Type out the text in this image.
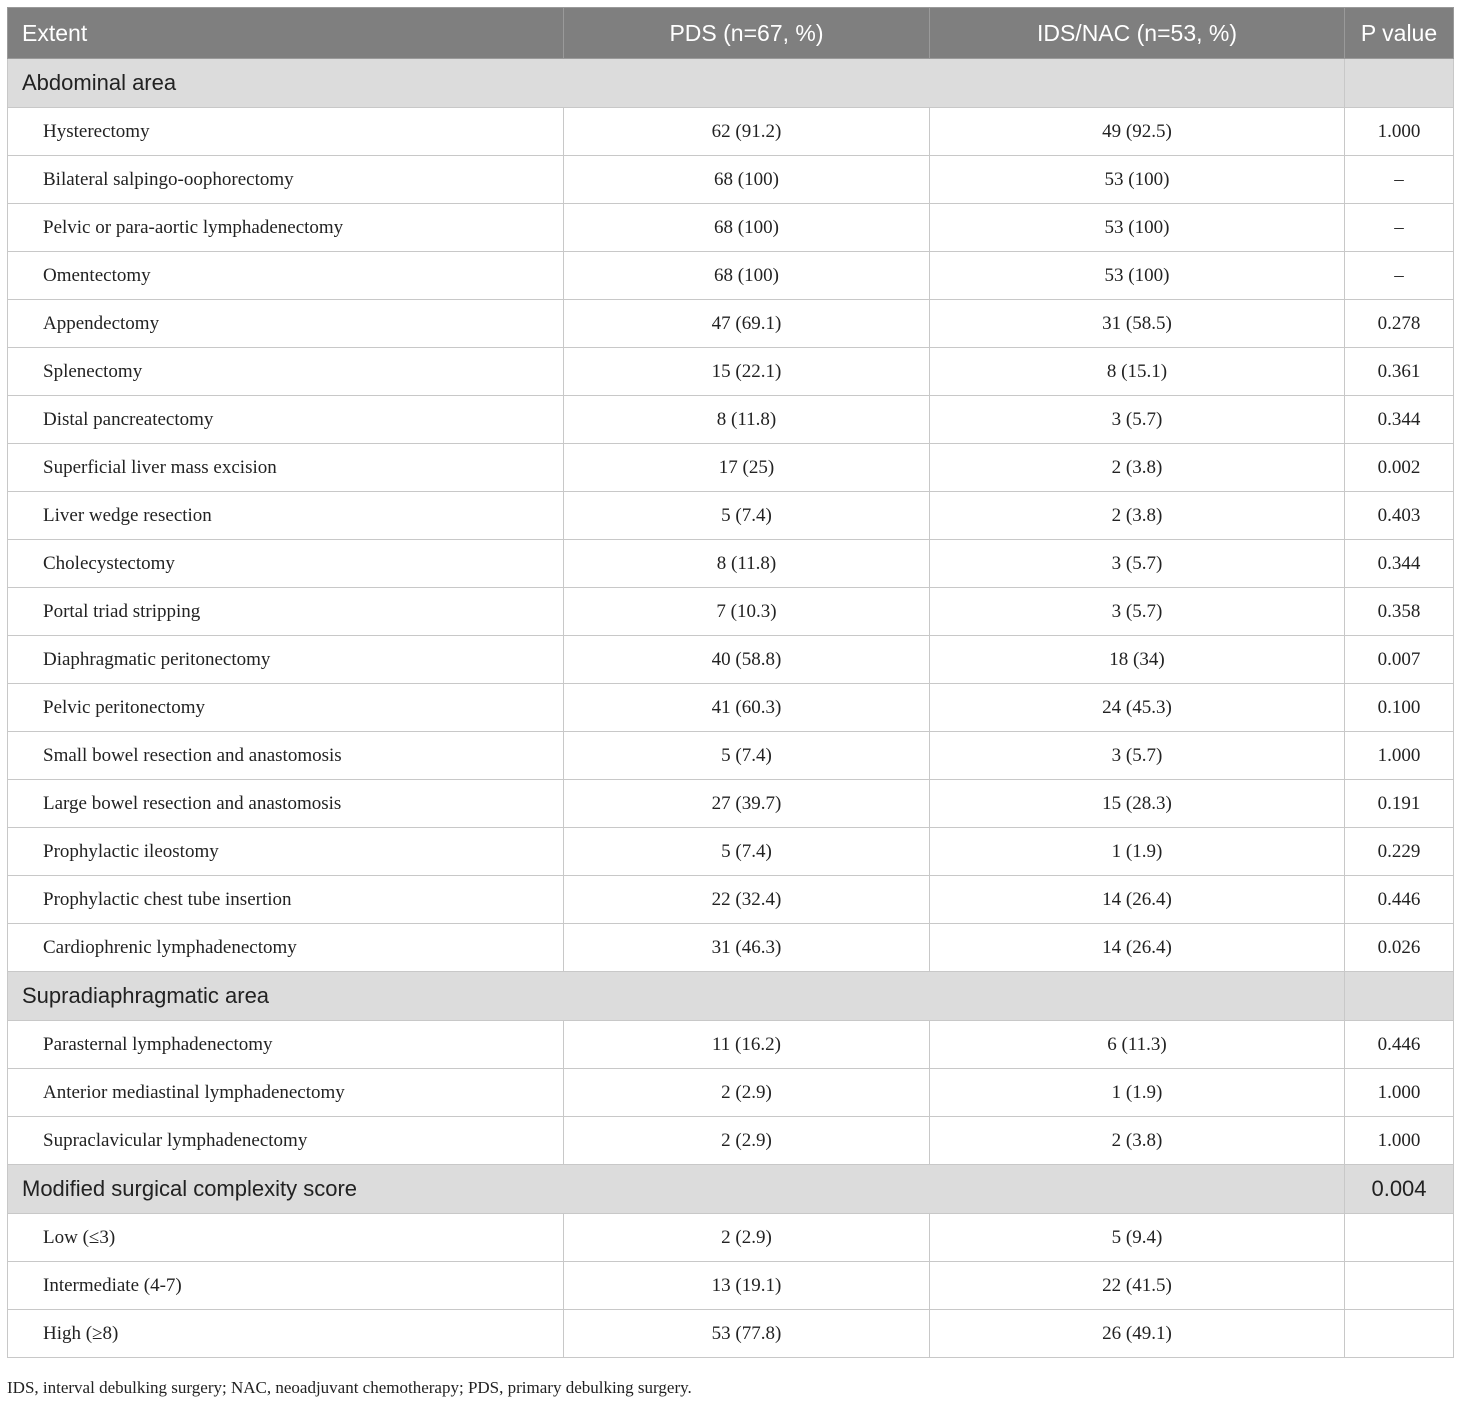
Extent	PDS (n=67, %)	IDS/NAC (n=53, %)	P value
Abdominal area			
Hysterectomy	62 (91.2)	49 (92.5)	1.000
Bilateral salpingo-oophorectomy	68 (100)	53 (100)	–
Pelvic or para-aortic lymphadenectomy	68 (100)	53 (100)	–
Omentectomy	68 (100)	53 (100)	–
Appendectomy	47 (69.1)	31 (58.5)	0.278
Splenectomy	15 (22.1)	8 (15.1)	0.361
Distal pancreatectomy	8 (11.8)	3 (5.7)	0.344
Superficial liver mass excision	17 (25)	2 (3.8)	0.002
Liver wedge resection	5 (7.4)	2 (3.8)	0.403
Cholecystectomy	8 (11.8)	3 (5.7)	0.344
Portal triad stripping	7 (10.3)	3 (5.7)	0.358
Diaphragmatic peritonectomy	40 (58.8)	18 (34)	0.007
Pelvic peritonectomy	41 (60.3)	24 (45.3)	0.100
Small bowel resection and anastomosis	5 (7.4)	3 (5.7)	1.000
Large bowel resection and anastomosis	27 (39.7)	15 (28.3)	0.191
Prophylactic ileostomy	5 (7.4)	1 (1.9)	0.229
Prophylactic chest tube insertion	22 (32.4)	14 (26.4)	0.446
Cardiophrenic lymphadenectomy	31 (46.3)	14 (26.4)	0.026
Supradiaphragmatic area			
Parasternal lymphadenectomy	11 (16.2)	6 (11.3)	0.446
Anterior mediastinal lymphadenectomy	2 (2.9)	1 (1.9)	1.000
Supraclavicular lymphadenectomy	2 (2.9)	2 (3.8)	1.000
Modified surgical complexity score			0.004
Low (≤3)	2 (2.9)	5 (9.4)	
Intermediate (4-7)	13 (19.1)	22 (41.5)	
High (≥8)	53 (77.8)	26 (49.1)	
IDS, interval debulking surgery; NAC, neoadjuvant chemotherapy; PDS, primary debulking surgery.
